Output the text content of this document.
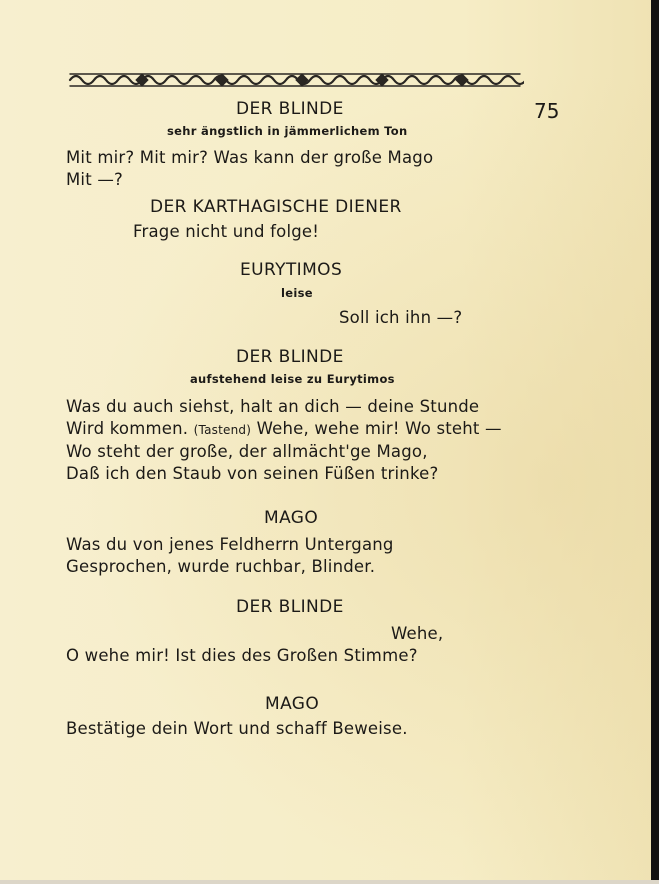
75
DER BLINDE
sehr ängstlich in jämmerlichem Ton
Mit mir? Mit mir? Was kann der große Mago
Mit —?
DER KARTHAGISCHE DIENER
Frage nicht und folge!
EURYTIMOS
leise
Soll ich ihn —?
DER BLINDE
aufstehend leise zu Eurytimos
Was du auch siehst, halt an dich — deine Stunde
Wird kommen. (Tastend) Wehe, wehe mir! Wo steht —
Wo steht der große, der allmächt'ge Mago,
Daß ich den Staub von seinen Füßen trinke?
MAGO
Was du von jenes Feldherrn Untergang
Gesprochen, wurde ruchbar, Blinder.
DER BLINDE
Wehe,
O wehe mir! Ist dies des Großen Stimme?
MAGO
Bestätige dein Wort und schaff Beweise.
